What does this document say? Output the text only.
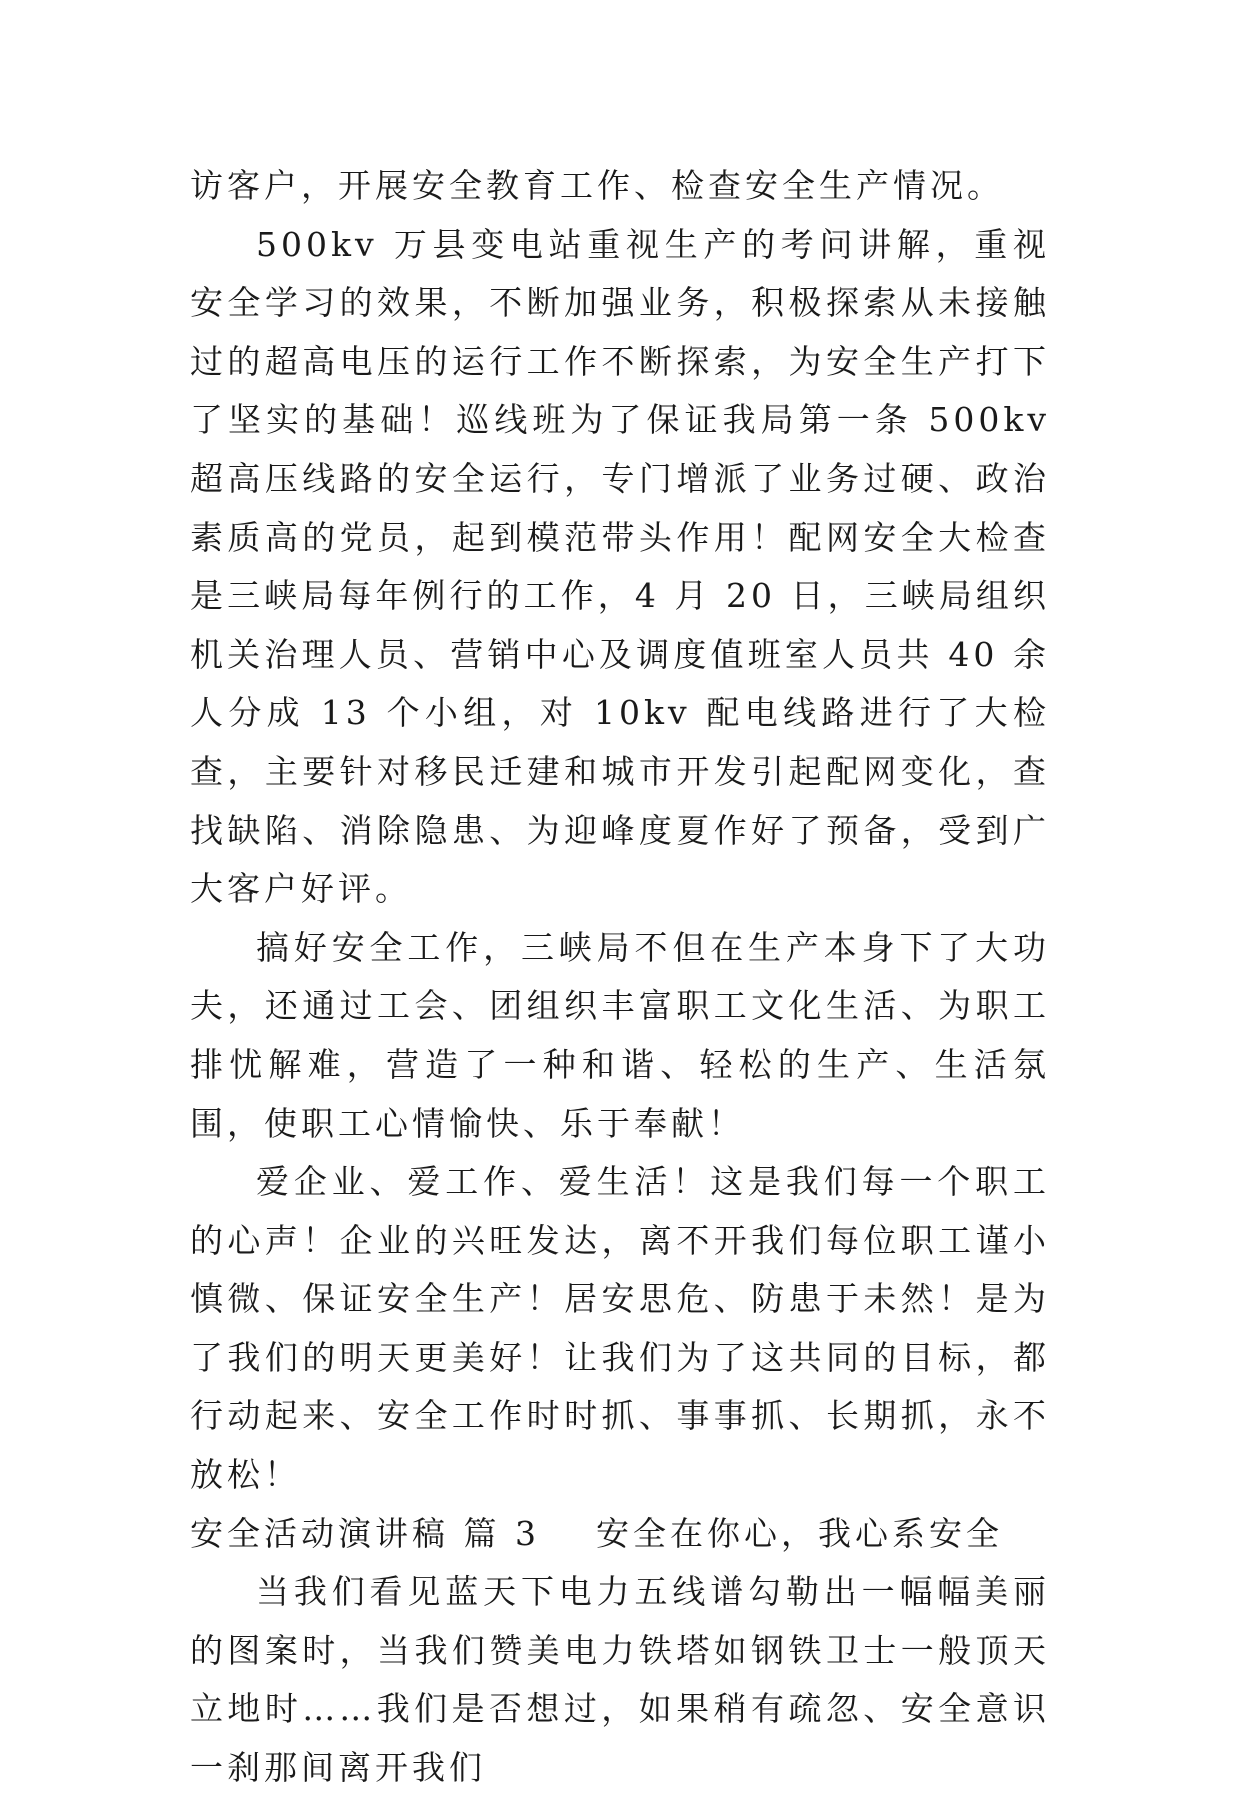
访客户，开展安全教育工作、检查安全生产情况。

500kv 万县变电站重视生产的考问讲解，重视安全学习的效果，不断加强业务，积极探索从未接触过的超高电压的运行工作不断探索，为安全生产打下了坚实的基础！巡线班为了保证我局第一条 500kv 超高压线路的安全运行，专门增派了业务过硬、政治素质高的党员，起到模范带头作用！配网安全大检查是三峡局每年例行的工作，4 月 20 日，三峡局组织机关治理人员、营销中心及调度值班室人员共 40 余人分成 13 个小组，对 10kv 配电线路进行了大检查，主要针对移民迁建和城市开发引起配网变化，查找缺陷、消除隐患、为迎峰度夏作好了预备，受到广大客户好评。

搞好安全工作，三峡局不但在生产本身下了大功夫，还通过工会、团组织丰富职工文化生活、为职工排忧解难，营造了一种和谐、轻松的生产、生活氛围，使职工心情愉快、乐于奉献！

爱企业、爱工作、爱生活！这是我们每一个职工的心声！企业的兴旺发达，离不开我们每位职工谨小慎微、保证安全生产！居安思危、防患于未然！是为了我们的明天更美好！让我们为了这共同的目标，都行动起来、安全工作时时抓、事事抓、长期抓，永不放松！

安全活动演讲稿 篇 3 安全在你心，我心系安全

当我们看见蓝天下电力五线谱勾勒出一幅幅美丽的图案时，当我们赞美电力铁塔如钢铁卫士一般顶天立地时……我们是否想过，如果稍有疏忽、安全意识一刹那间离开我们
